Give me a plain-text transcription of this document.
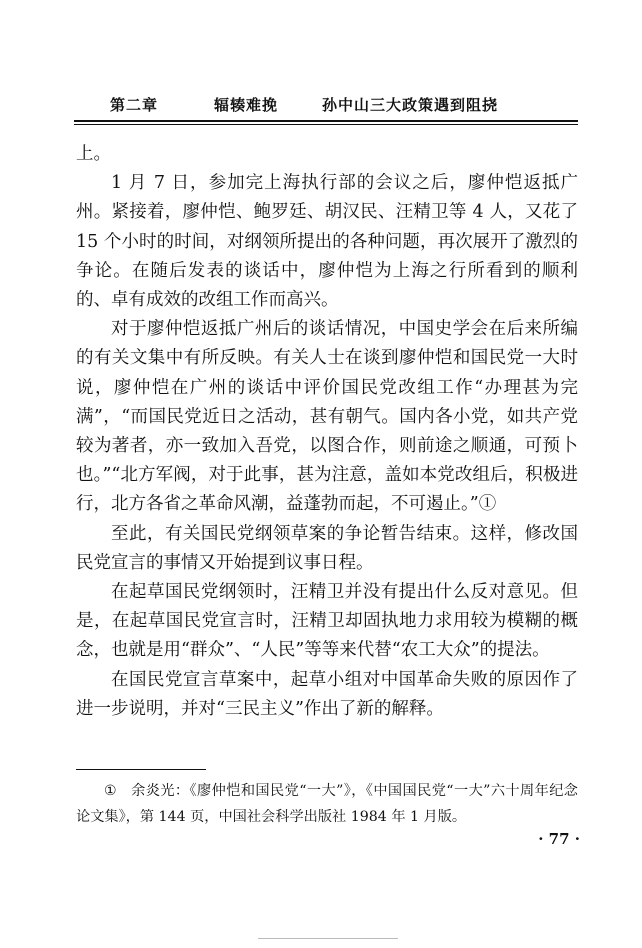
第二章	辐辏难挽	孙中山三大政策遇到阻挠

上。

1 月 7 日，参加完上海执行部的会议之后，廖仲恺返抵广州。紧接着，廖仲恺、鲍罗廷、胡汉民、汪精卫等 4 人，又花了 15 个小时的时间，对纲领所提出的各种问题，再次展开了激烈的争论。在随后发表的谈话中，廖仲恺为上海之行所看到的顺利的、卓有成效的改组工作而高兴。

对于廖仲恺返抵广州后的谈话情况，中国史学会在后来所编的有关文集中有所反映。有关人士在谈到廖仲恺和国民党一大时说，廖仲恺在广州的谈话中评价国民党改组工作“办理甚为完满”，“而国民党近日之活动，甚有朝气。国内各小党，如共产党较为著者，亦一致加入吾党，以图合作，则前途之顺通，可预卜也。”“北方军阀，对于此事，甚为注意，盖如本党改组后，积极进行，北方各省之革命风潮，益蓬勃而起，不可遏止。”①

至此，有关国民党纲领草案的争论暂告结束。这样，修改国民党宣言的事情又开始提到议事日程。

在起草国民党纲领时，汪精卫并没有提出什么反对意见。但是，在起草国民党宣言时，汪精卫却固执地力求用较为模糊的概念，也就是用“群众”、“人民”等等来代替“农工大众”的提法。

在国民党宣言草案中，起草小组对中国革命失败的原因作了进一步说明，并对“三民主义”作出了新的解释。

① 余炎光：《廖仲恺和国民党“一大”》，《中国国民党“一大”六十周年纪念论文集》，第 144 页，中国社会科学出版社 1984 年 1 月版。
· 77 ·
